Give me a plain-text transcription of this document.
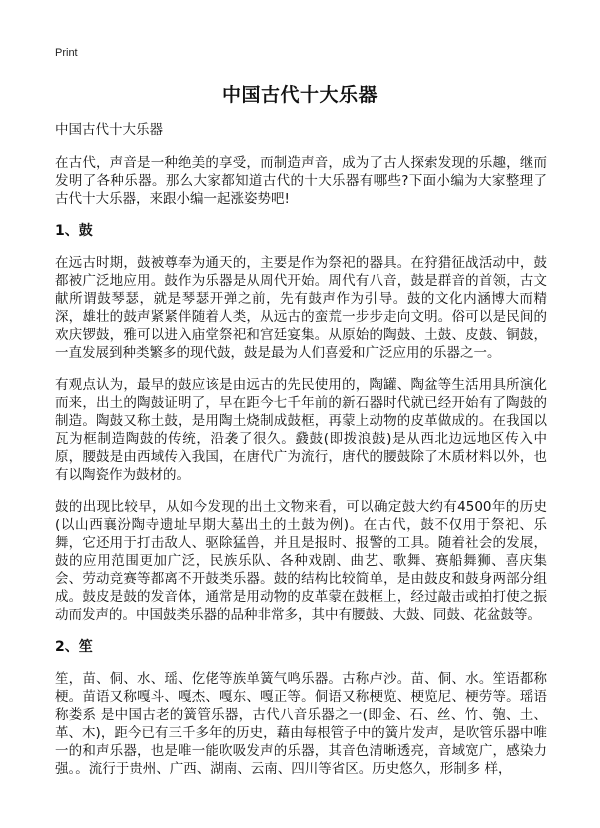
Print
中国古代十大乐器
中国古代十大乐器

在古代，声音是一种绝美的享受，而制造声音，成为了古人探索发现的乐趣，继而发明了各种乐器。那么大家都知道古代的十大乐器有哪些?下面小编为大家整理了古代十大乐器，来跟小编一起涨姿势吧!

1、鼓

在远古时期，鼓被尊奉为通天的，主要是作为祭祀的器具。在狩猎征战活动中，鼓都被广泛地应用。鼓作为乐器是从周代开始。周代有八音，鼓是群音的首领，古文献所谓鼓琴瑟，就是琴瑟开弹之前，先有鼓声作为引导。鼓的文化内涵博大而精深，雄壮的鼓声紧紧伴随着人类，从远古的蛮荒一步步走向文明。俗可以是民间的欢庆锣鼓，雅可以进入庙堂祭祀和宫廷宴集。从原始的陶鼓、土鼓、皮鼓、铜鼓，一直发展到种类繁多的现代鼓，鼓是最为人们喜爱和广泛应用的乐器之一。

有观点认为，最早的鼓应该是由远古的先民使用的，陶罐、陶盆等生活用具所演化而来，出土的陶鼓证明了，早在距今七千年前的新石器时代就已经开始有了陶鼓的制造。陶鼓又称土鼓，是用陶土烧制成鼓框，再蒙上动物的皮革做成的。在我国以瓦为框制造陶鼓的传统，沿袭了很久。鼗鼓(即拨浪鼓)是从西北边远地区传入中原，腰鼓是由西域传入我国，在唐代广为流行，唐代的腰鼓除了木质材料以外，也有以陶瓷作为鼓材的。

鼓的出现比较早，从如今发现的出土文物来看，可以确定鼓大约有4500年的历史(以山西襄汾陶寺遗址早期大墓出土的土鼓为例)。在古代，鼓不仅用于祭祀、乐舞，它还用于打击敌人、驱除猛兽，并且是报时、报警的工具。随着社会的发展，鼓的应用范围更加广泛，民族乐队、各种戏剧、曲艺、歌舞、赛船舞狮、喜庆集会、劳动竞赛等都离不开鼓类乐器。鼓的结构比较简单，是由鼓皮和鼓身两部分组成。鼓皮是鼓的发音体，通常是用动物的皮革蒙在鼓框上，经过敲击或拍打使之振动而发声的。中国鼓类乐器的品种非常多，其中有腰鼓、大鼓、同鼓、花盆鼓等。

2、笙

笙，苗、侗、水、瑶、仡佬等族单簧气鸣乐器。古称卢沙。苗、侗、水。笙语都称梗。苗语又称嘎斗、嘎杰、嘎东、嘎正等。侗语又称梗览、梗览尼、梗劳等。瑶语称娄系 是中国古老的簧管乐器，古代八音乐器之一(即金、石、丝、竹、匏、土、革、木)，距今已有三千多年的历史，藉由每根管子中的簧片发声，是吹管乐器中唯一的和声乐器，也是唯一能吹吸发声的乐器，其音色清晰透亮，音域宽广，感染力强。。流行于贵州、广西、湖南、云南、四川等省区。历史悠久，形制多 样，
